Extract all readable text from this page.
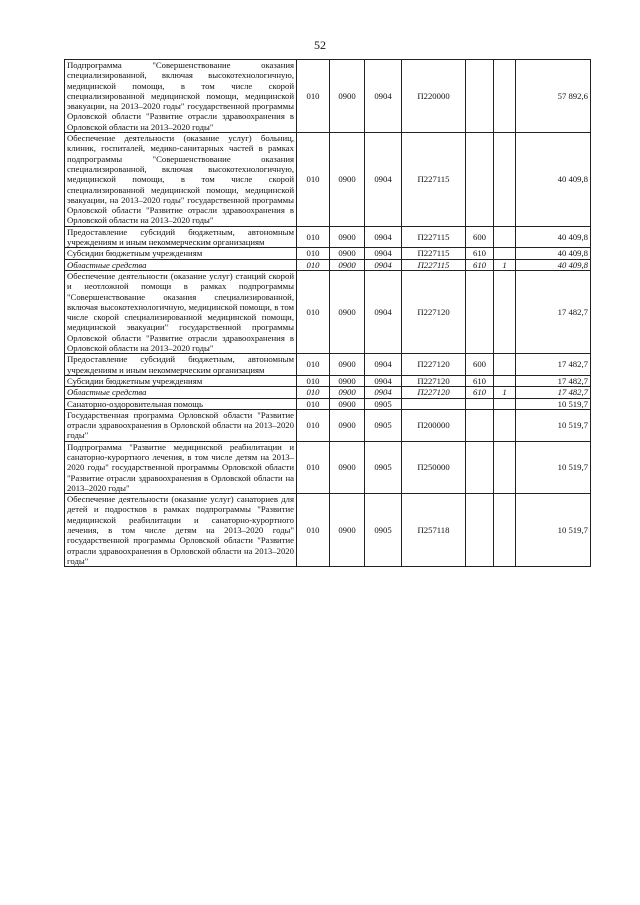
52
Подпрограмма "Совершенствование оказания специализированной, включая высокотехнологичную, медицинской помощи, в том числе скорой специализированной медицинской помощи, медицинской эвакуации, на 2013–2020 годы" государственной программы Орловской области "Развитие отрасли здравоохранения в Орловской области на 2013–2020 годы"	010	0900	0904	П220000			57 892,6
Обеспечение деятельности (оказание услуг) больниц, клиник, госпиталей, медико-санитарных частей в рамках подпрограммы "Совершенствование оказания специализированной, включая высокотехнологичную, медицинской помощи, в том числе скорой специализированной медицинской помощи, медицинской эвакуации, на 2013–2020 годы" государственной программы Орловской области "Развитие отрасли здравоохранения в Орловской области на 2013–2020 годы"	010	0900	0904	П227115			40 409,8
Предоставление субсидий бюджетным, автономным учреждениям и иным некоммерческим организациям	010	0900	0904	П227115	600		40 409,8
Субсидии бюджетным учреждениям	010	0900	0904	П227115	610		40 409,8
Областные средства	010	0900	0904	П227115	610	1	40 409,8
Обеспечение деятельности (оказание услуг) станций скорой и неотложной помощи в рамках подпрограммы "Совершенствование оказания специализированной, включая высокотехнологичную, медицинской помощи, в том числе скорой специализированной медицинской помощи, медицинской эвакуации" государственной программы Орловской области "Развитие отрасли здравоохранения в Орловской области на 2013–2020 годы"	010	0900	0904	П227120			17 482,7
Предоставление субсидий бюджетным, автономным учреждениям и иным некоммерческим организациям	010	0900	0904	П227120	600		17 482,7
Субсидии бюджетным учреждениям	010	0900	0904	П227120	610		17 482,7
Областные средства	010	0900	0904	П227120	610	1	17 482,7
Санаторно-оздоровительная помощь	010	0900	0905				10 519,7
Государственная программа Орловской области "Развитие отрасли здравоохранения в Орловской области на 2013–2020 годы"	010	0900	0905	П200000			10 519,7
Подпрограмма "Развитие медицинской реабилитации и санаторно-курортного лечения, в том числе детям на 2013–2020 годы" государственной программы Орловской области "Развитие отрасли здравоохранения в Орловской области на 2013–2020 годы"	010	0900	0905	П250000			10 519,7
Обеспечение деятельности (оказание услуг) санаториев для детей и подростков в рамках подпрограммы "Развитие медицинской реабилитации и санаторно-курортного лечения, в том числе детям на 2013–2020 годы" государственной программы Орловской области "Развитие отрасли здравоохранения в Орловской области на 2013–2020 годы"	010	0900	0905	П257118			10 519,7
